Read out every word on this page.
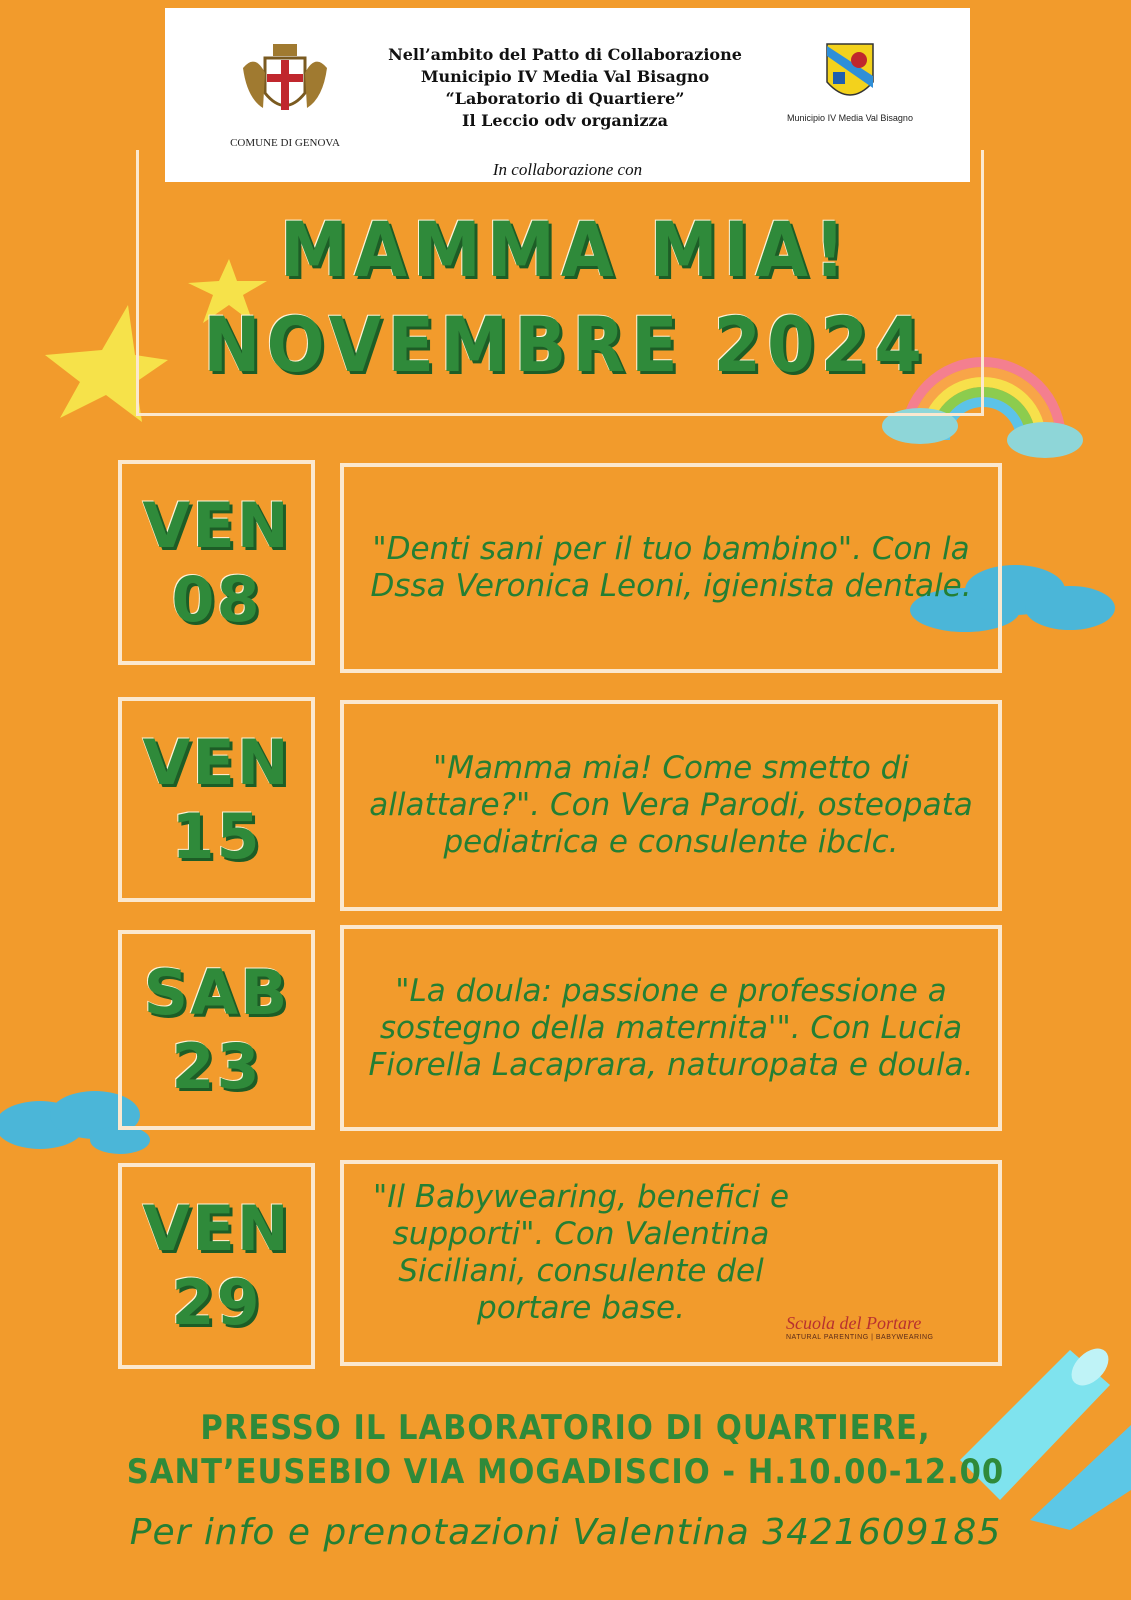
COMUNE DI GENOVA
Nell’ambito del Patto di Collaborazione
Municipio IV Media Val Bisagno
“Laboratorio di Quartiere”
Il Leccio odv organizza	Municipio IV Media Val Bisagno
In collaborazione con
MAMMA MIA!
NOVEMBRE 2024
VEN
08

"Denti sani per il tuo bambino". Con la Dssa Veronica Leoni, igienista dentale.

VEN
15

"Mamma mia! Come smetto di allattare?". Con Vera Parodi, osteopata pediatrica e consulente ibclc.

SAB
23

"La doula: passione e professione a sostegno della maternita'". Con Lucia Fiorella Lacaprara, naturopata e doula.

VEN
29

"Il Babywearing, benefici e supporti". Con Valentina Siciliani, consulente del portare base.	Scuola del Portare
NATURAL PARENTING | BABYWEARING
PRESSO IL LABORATORIO DI QUARTIERE,
SANT’EUSEBIO VIA MOGADISCIO - H.10.00-12.00
Per info e prenotazioni Valentina 3421609185
